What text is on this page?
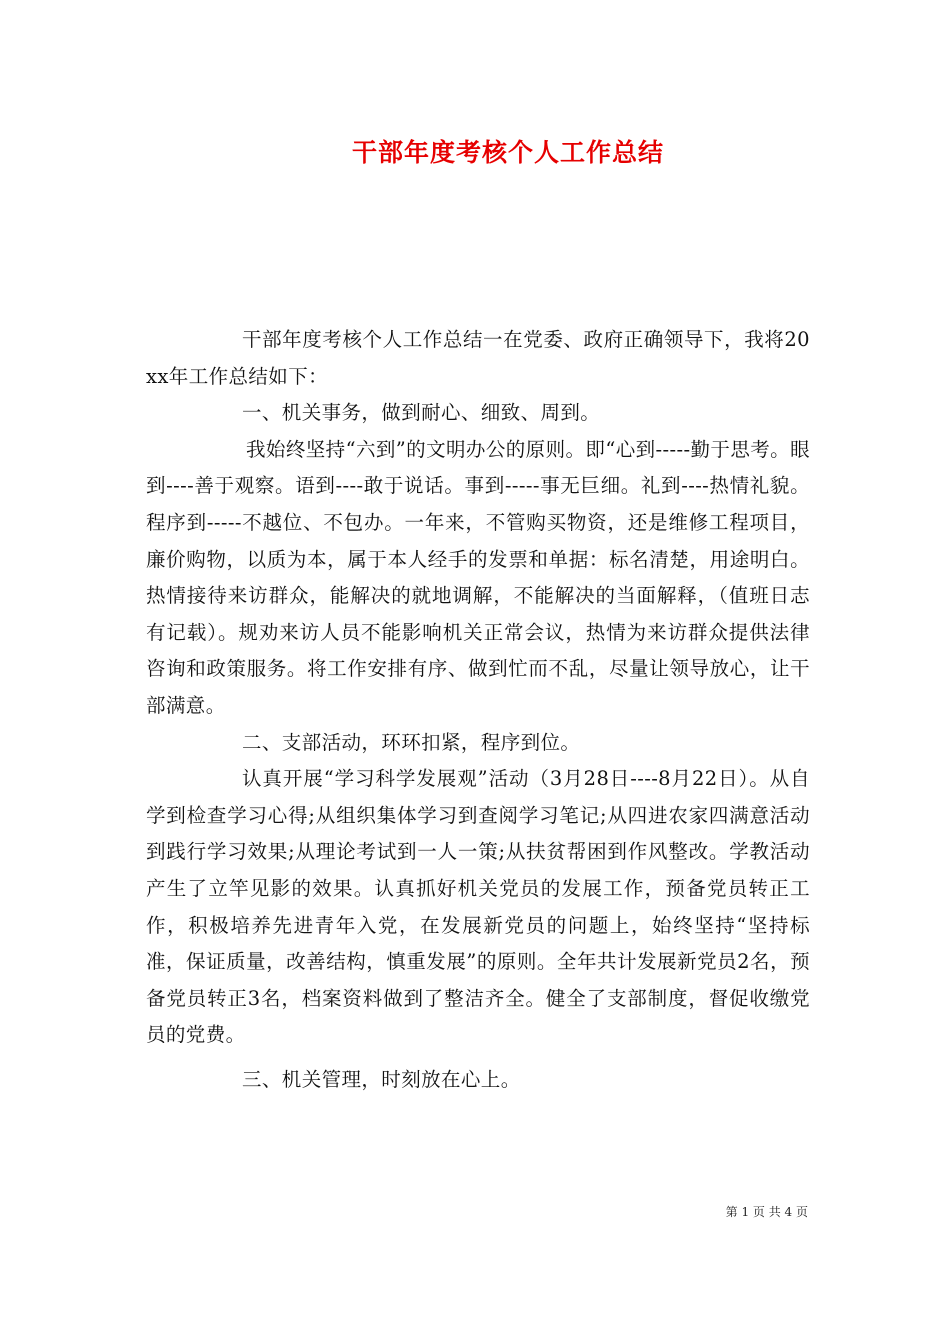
干部年度考核个人工作总结

干部年度考核个人工作总结一在党委、政府正确领导下，我将20xx年工作总结如下：

一、机关事务，做到耐心、细致、周到。

我始终坚持“六到”的文明办公的原则。即“心到-----勤于思考。眼到----善于观察。语到----敢于说话。事到-----事无巨细。礼到----热情礼貌。程序到-----不越位、不包办。一年来，不管购买物资，还是维修工程项目，廉价购物，以质为本，属于本人经手的发票和单据：标名清楚，用途明白。热情接待来访群众，能解决的就地调解，不能解决的当面解释，（值班日志有记载）。规劝来访人员不能影响机关正常会议，热情为来访群众提供法律咨询和政策服务。将工作安排有序、做到忙而不乱，尽量让领导放心，让干部满意。

二、支部活动，环环扣紧，程序到位。

认真开展“学习科学发展观”活动（3月28日----8月22日）。从自学到检查学习心得;从组织集体学习到查阅学习笔记;从四进农家四满意活动到践行学习效果;从理论考试到一人一策;从扶贫帮困到作风整改。学教活动产生了立竿见影的效果。认真抓好机关党员的发展工作，预备党员转正工作，积极培养先进青年入党，在发展新党员的问题上，始终坚持“坚持标准，保证质量，改善结构，慎重发展”的原则。全年共计发展新党员2名，预备党员转正3名，档案资料做到了整洁齐全。健全了支部制度，督促收缴党员的党费。

三、机关管理，时刻放在心上。

第 1 页 共 4 页
